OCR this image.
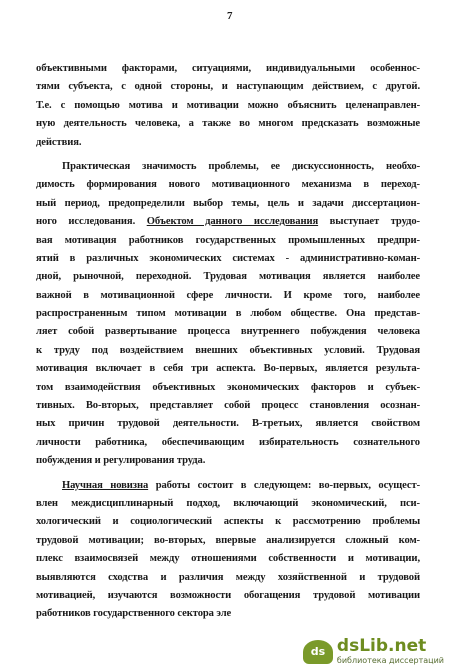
7
объективными факторами, ситуациями, индивидуальными особеннос-
тями субъекта, с одной стороны, и наступающим действием, с другой.
Т.е. с помощью мотива и мотивации можно объяснить целенаправлен-
ную деятельность человека, а также во многом предсказать возможные
действия.
Практическая значимость проблемы, ее дискуссионность, необхо-
димость формирования нового мотивационного механизма в переход-
ный период, предопределили выбор темы, цель и задачи диссертацион-
ного исследования. Объектом данного исследования выступает трудо-
вая мотивация работников государственных промышленных предпри-
ятий в различных экономических системах - административно-коман-
дной, рыночной, переходной. Трудовая мотивация является наиболее
важной в мотивационной сфере личности. И кроме того, наиболее
распространенным типом мотивации в любом обществе. Она представ-
ляет собой развертывание процесса внутреннего побуждения человека
к труду под воздействием внешних объективных условий. Трудовая
мотивация включает в себя три аспекта. Во-первых, является результа-
том взаимодействия объективных экономических факторов и субъек-
тивных. Во-вторых, представляет собой процесс становления осознан-
ных причин трудовой деятельности. В-третьих, является свойством
личности работника, обеспечивающим избирательность сознательного
побуждения и регулирования труда.
Научная новизна работы состоит в следующем: во-первых, осущест-
влен междисциплинарный подход, включающий экономический, пси-
хологический и социологический аспекты к рассмотрению проблемы
трудовой мотивации; во-вторых, впервые анализируется сложный ком-
плекс взаимосвязей между отношениями собственности и мотивации,
выявляются сходства и различия между хозяйственной и трудовой
мотивацией, изучаются возможности обогащения трудовой мотивации
работников государственного сектора эле
ds dsLib.net
библиотека диссертаций
